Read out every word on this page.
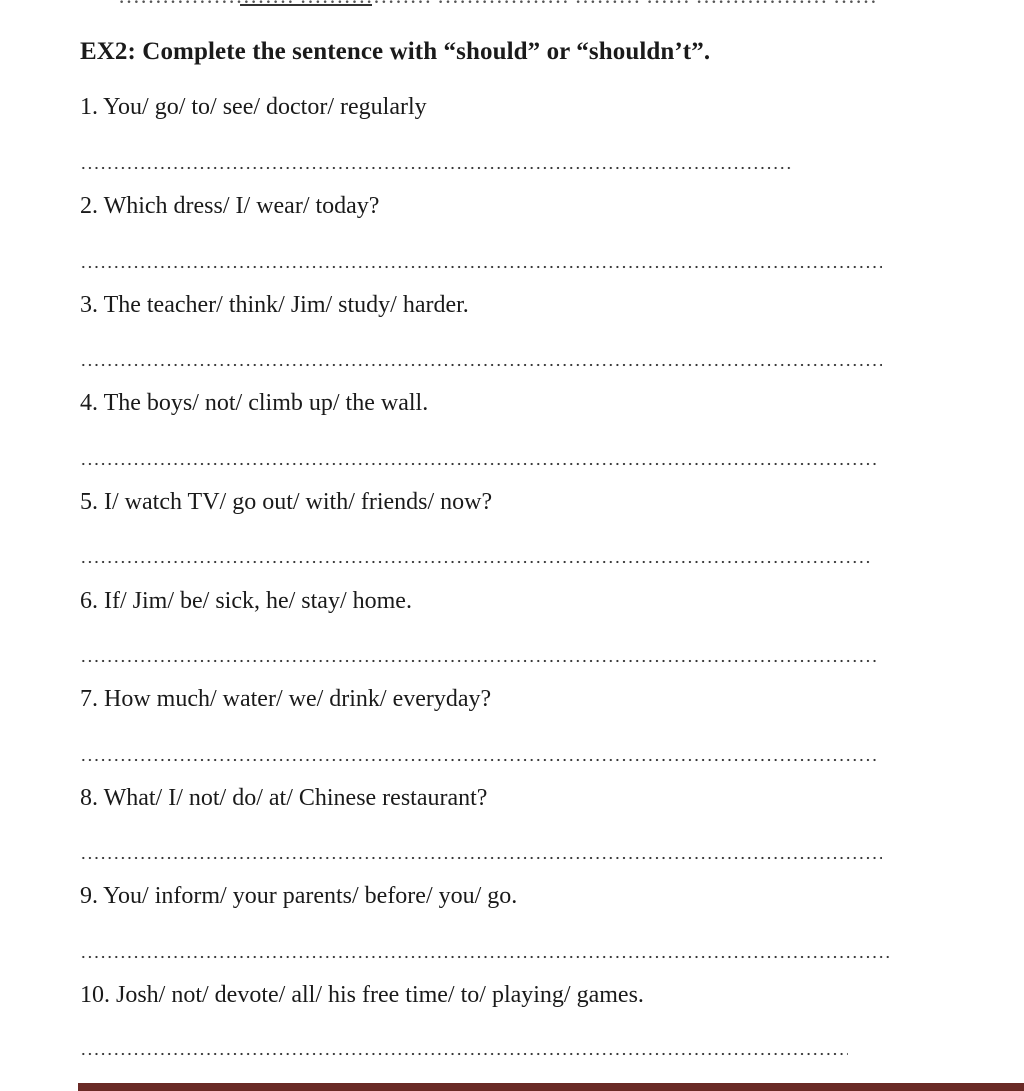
EX2: Complete the sentence with “should” or “shouldn’t”.
1. You/ go/ to/ see/ doctor/ regularly
2. Which dress/ I/ wear/ today?
3. The teacher/ think/ Jim/ study/ harder.
4. The boys/ not/ climb up/ the wall.
5. I/ watch TV/ go out/ with/ friends/ now?
6. If/ Jim/ be/ sick, he/ stay/ home.
7. How much/ water/ we/ drink/ everyday?
8. What/ I/ not/ do/ at/ Chinese restaurant?
9. You/ inform/ your parents/ before/ you/ go.
10. Josh/ not/ devote/ all/ his free time/ to/ playing/ games.
